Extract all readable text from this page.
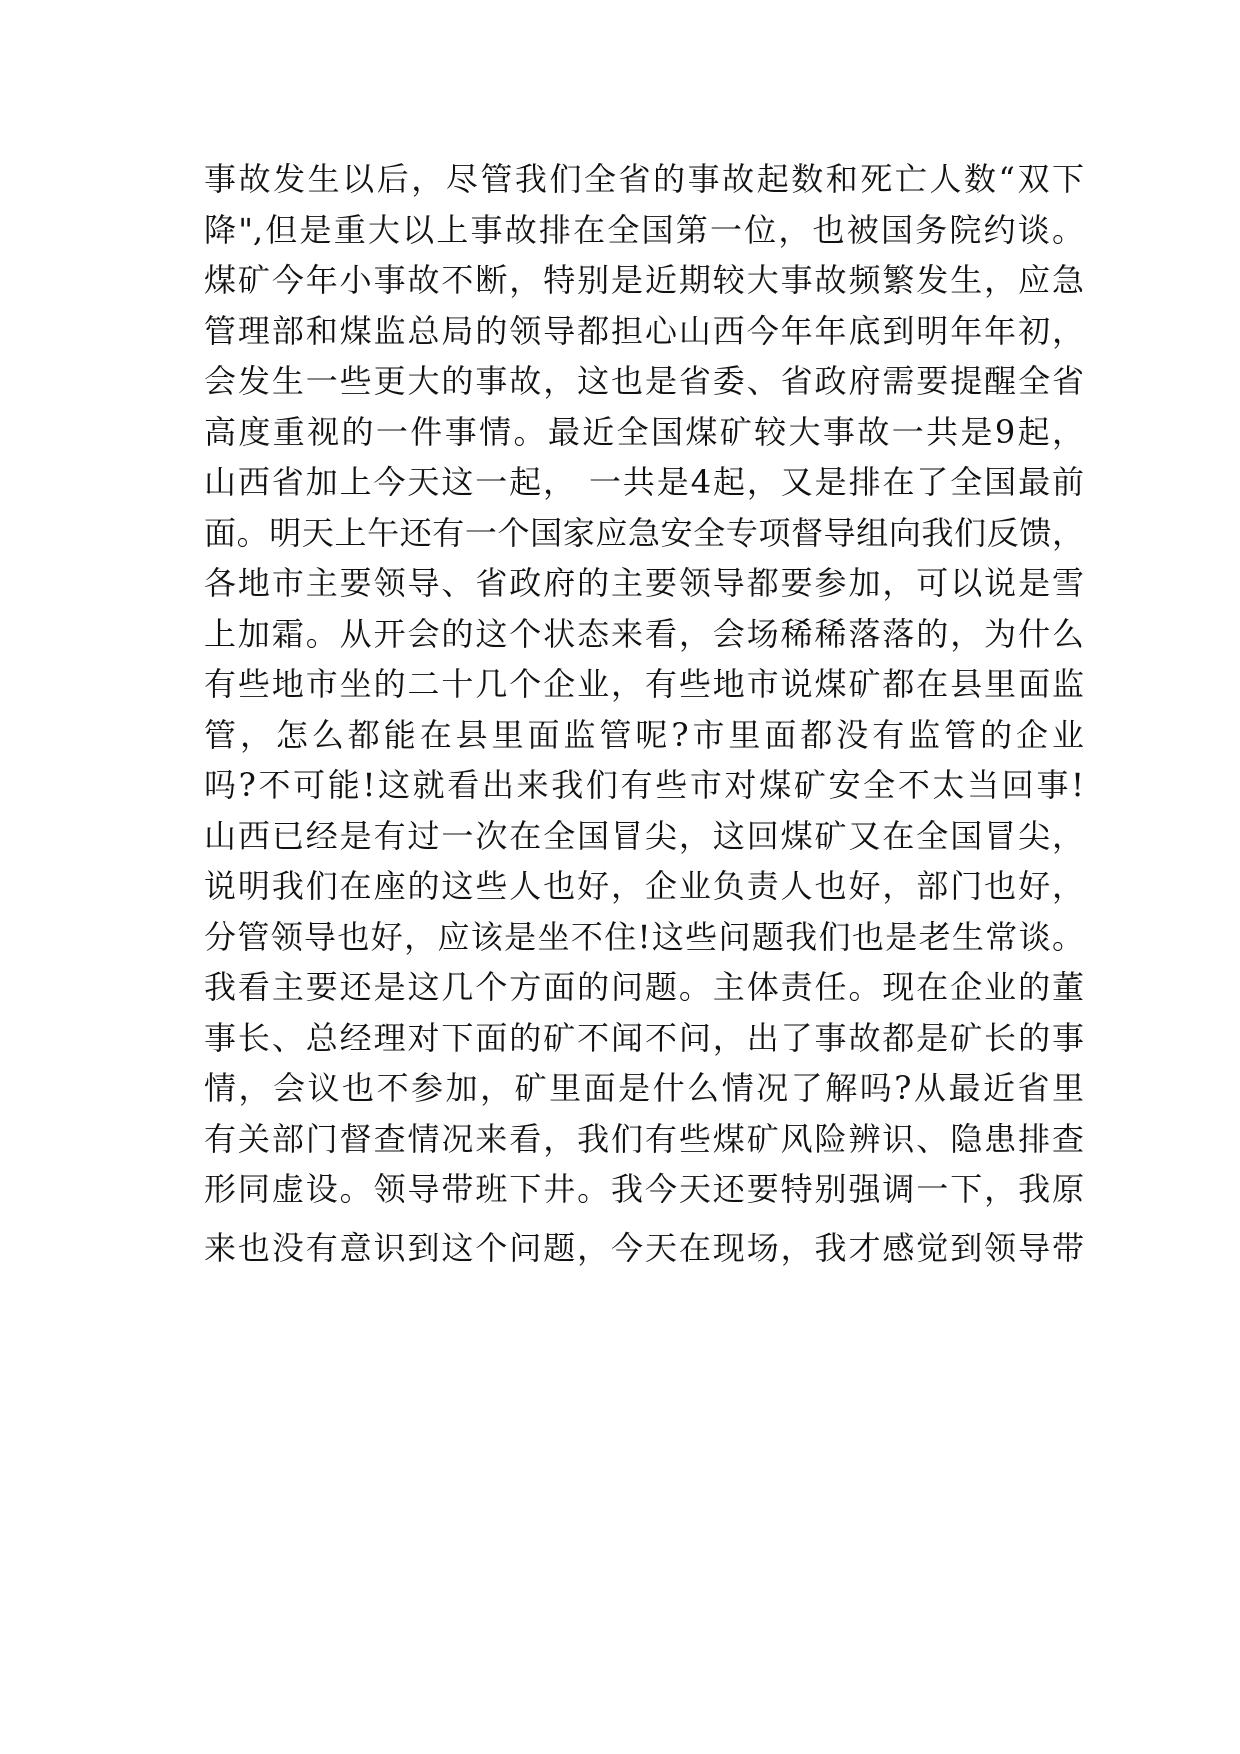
事故发生以后，尽管我们全省的事故起数和死亡人数“双下
降",但是重大以上事故排在全国第一位，也被国务院约谈。
煤矿今年小事故不断，特别是近期较大事故频繁发生，应急
管理部和煤监总局的领导都担心山西今年年底到明年年初，
会发生一些更大的事故，这也是省委、省政府需要提醒全省
高度重视的一件事情。最近全国煤矿较大事故一共是9起，
山西省加上今天这一起， 一共是4起，又是排在了全国最前
面。明天上午还有一个国家应急安全专项督导组向我们反馈，
各地市主要领导、省政府的主要领导都要参加，可以说是雪
上加霜。从开会的这个状态来看，会场稀稀落落的，为什么
有些地市坐的二十几个企业，有些地市说煤矿都在县里面监
管，怎么都能在县里面监管呢?市里面都没有监管的企业
吗?不可能!这就看出来我们有些市对煤矿安全不太当回事!
山西已经是有过一次在全国冒尖，这回煤矿又在全国冒尖，
说明我们在座的这些人也好，企业负责人也好，部门也好，
分管领导也好，应该是坐不住!这些问题我们也是老生常谈。
我看主要还是这几个方面的问题。主体责任。现在企业的董
事长、总经理对下面的矿不闻不问，出了事故都是矿长的事
情，会议也不参加，矿里面是什么情况了解吗?从最近省里
有关部门督查情况来看，我们有些煤矿风险辨识、隐患排查
形同虚设。领导带班下井。我今天还要特别强调一下，我原
来也没有意识到这个问题，今天在现场，我才感觉到领导带
